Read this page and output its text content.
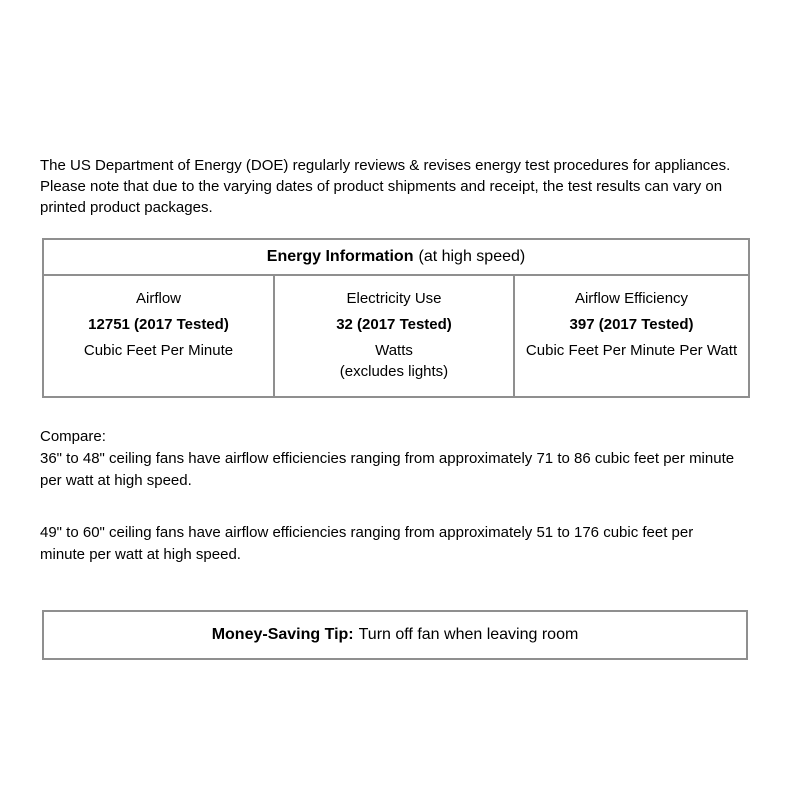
The US Department of Energy (DOE) regularly reviews & revises energy test procedures for appliances. Please note that due to the varying dates of product shipments and receipt, the test results can vary on printed product packages.
Energy Information (at high speed)

Airflow
12751 (2017 Tested)
Cubic Feet Per Minute

Electricity Use
32 (2017 Tested)
Watts
(excludes lights)

Airflow Efficiency
397 (2017 Tested)
Cubic Feet Per Minute Per Watt
Compare:
36" to 48" ceiling fans have airflow efficiencies ranging from approximately 71 to 86 cubic feet per minute per watt at high speed.
49" to 60" ceiling fans have airflow efficiencies ranging from approximately 51 to 176 cubic feet per minute per watt at high speed.
Money-Saving Tip: Turn off fan when leaving room
